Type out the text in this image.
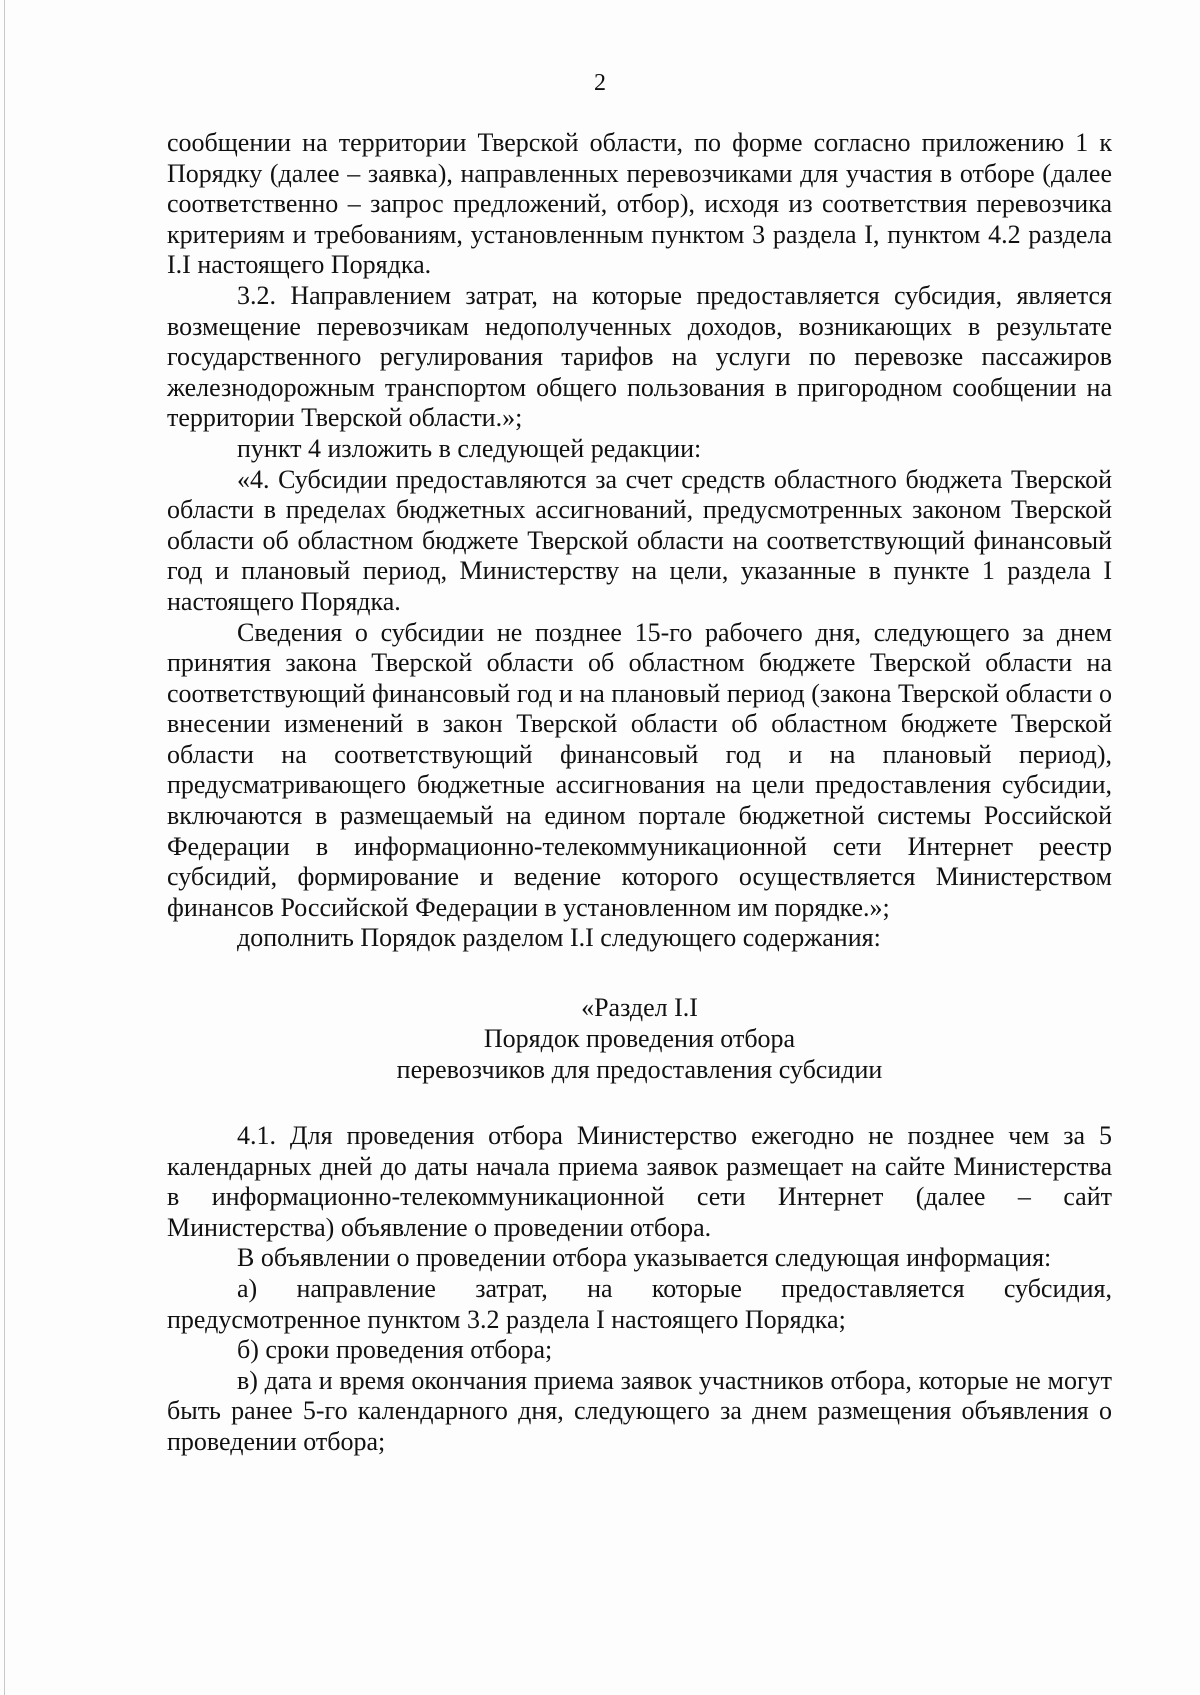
2

сообщении на территории Тверской области, по форме согласно приложению 1 к Порядку (далее – заявка), направленных перевозчиками для участия в отборе (далее соответственно – запрос предложений, отбор), исходя из соответствия перевозчика критериям и требованиям, установленным пунктом 3 раздела I, пунктом 4.2 раздела I.I настоящего Порядка.

3.2. Направлением затрат, на которые предоставляется субсидия, является возмещение перевозчикам недополученных доходов, возникающих в результате государственного регулирования тарифов на услуги по перевозке пассажиров железнодорожным транспортом общего пользования в пригородном сообщении на территории Тверской области.»;

пункт 4 изложить в следующей редакции:

«4. Субсидии предоставляются за счет средств областного бюджета Тверской области в пределах бюджетных ассигнований, предусмотренных законом Тверской области об областном бюджете Тверской области на соответствующий финансовый год и плановый период, Министерству на цели, указанные в пункте 1 раздела I настоящего Порядка.

Сведения о субсидии не позднее 15-го рабочего дня, следующего за днем принятия закона Тверской области об областном бюджете Тверской области на соответствующий финансовый год и на плановый период (закона Тверской области о внесении изменений в закон Тверской области об областном бюджете Тверской области на соответствующий финансовый год и на плановый период), предусматривающего бюджетные ассигнования на цели предоставления субсидии, включаются в размещаемый на едином портале бюджетной системы Российской Федерации в информационно-телекоммуникационной сети Интернет реестр субсидий, формирование и ведение которого осуществляется Министерством финансов Российской Федерации в установленном им порядке.»;

дополнить Порядок разделом I.I следующего содержания:

«Раздел I.I
Порядок проведения отбора
перевозчиков для предоставления субсидии

4.1. Для проведения отбора Министерство ежегодно не позднее чем за 5 календарных дней до даты начала приема заявок размещает на сайте Министерства в информационно-телекоммуникационной сети Интернет (далее – сайт Министерства) объявление о проведении отбора.

В объявлении о проведении отбора указывается следующая информация:

а) направление затрат, на которые предоставляется субсидия, предусмотренное пунктом 3.2 раздела I настоящего Порядка;

б) сроки проведения отбора;

в) дата и время окончания приема заявок участников отбора, которые не могут быть ранее 5-го календарного дня, следующего за днем размещения объявления о проведении отбора;
